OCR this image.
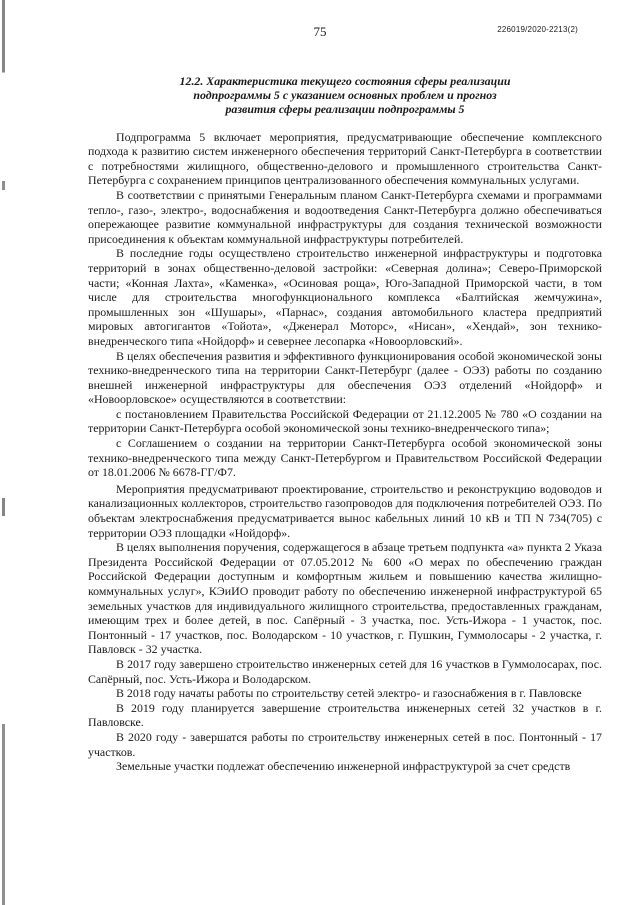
75	226019/2020-2213(2)
12.2. Характеристика текущего состояния сферы реализации
подпрограммы 5 с указанием основных проблем и прогноз
развития сферы реализации подпрограммы 5

Подпрограмма 5 включает мероприятия, предусматривающие обеспечение комплексного подхода к развитию систем инженерного обеспечения территорий Санкт-Петербурга в соответствии с потребностями жилищного, общественно-делового и промышленного строительства Санкт-Петербурга с сохранением принципов централизованного обеспечения коммунальных услугами.

В соответствии с принятыми Генеральным планом Санкт-Петербурга схемами и программами тепло-, газо-, электро-, водоснабжения и водоотведения Санкт-Петербурга должно обеспечиваться опережающее развитие коммунальной инфраструктуры для создания технической возможности присоединения к объектам коммунальной инфраструктуры потребителей.

В последние годы осуществлено строительство инженерной инфраструктуры и подготовка территорий в зонах общественно-деловой застройки: «Северная долина»; Северо-Приморской части; «Конная Лахта», «Каменка», «Осиновая роща», Юго-Западной Приморской части, в том числе для строительства многофункционального комплекса «Балтийская жемчужина», промышленных зон «Шушары», «Парнас», создания автомобильного кластера предприятий мировых автогигантов «Тойота», «Дженерал Моторс», «Нисан», «Хендай», зон технико-внедренческого типа «Нойдорф» и севернее лесопарка «Новоорловский».

В целях обеспечения развития и эффективного функционирования особой экономической зоны технико-внедренческого типа на территории Санкт-Петербург (далее - ОЭЗ) работы по созданию внешней инженерной инфраструктуры для обеспечения ОЭЗ отделений «Нойдорф» и «Новоорловское» осуществляются в соответствии:

с постановлением Правительства Российской Федерации от 21.12.2005 № 780 «О создании на территории Санкт-Петербурга особой экономической зоны технико-внедренческого типа»;

с Соглашением о создании на территории Санкт-Петербурга особой экономической зоны технико-внедренческого типа между Санкт-Петербургом и Правительством Российской Федерации от 18.01.2006 № 6678-ГГ/Ф7.

Мероприятия предусматривают проектирование, строительство и реконструкцию водоводов и канализационных коллекторов, строительство газопроводов для подключения потребителей ОЭЗ. По объектам электроснабжения предусматривается вынос кабельных линий 10 кВ и ТП N 734(705) с территории ОЭЗ площадки «Нойдорф».

В целях выполнения поручения, содержащегося в абзаце третьем подпункта «а» пункта 2 Указа Президента Российской Федерации от 07.05.2012 № 600 «О мерах по обеспечению граждан Российской Федерации доступным и комфортным жильем и повышению качества жилищно-коммунальных услуг», КЭиИО проводит работу по обеспечению инженерной инфраструктурой 65 земельных участков для индивидуального жилищного строительства, предоставленных гражданам, имеющим трех и более детей, в пос. Сапёрный - 3 участка, пос. Усть-Ижора - 1 участок, пос. Понтонный - 17 участков, пос. Володарском - 10 участков, г. Пушкин, Гуммолосары - 2 участка, г. Павловск - 32 участка.

В 2017 году завершено строительство инженерных сетей для 16 участков в Гуммолосарах, пос. Сапёрный, пос. Усть-Ижора и Володарском.

В 2018 году начаты работы по строительству сетей электро- и газоснабжения в г. Павловске

В 2019 году планируется завершение строительства инженерных сетей 32 участков в г. Павловске.

В 2020 году - завершатся работы по строительству инженерных сетей в пос. Понтонный - 17 участков.

Земельные участки подлежат обеспечению инженерной инфраструктурой за счет средств
